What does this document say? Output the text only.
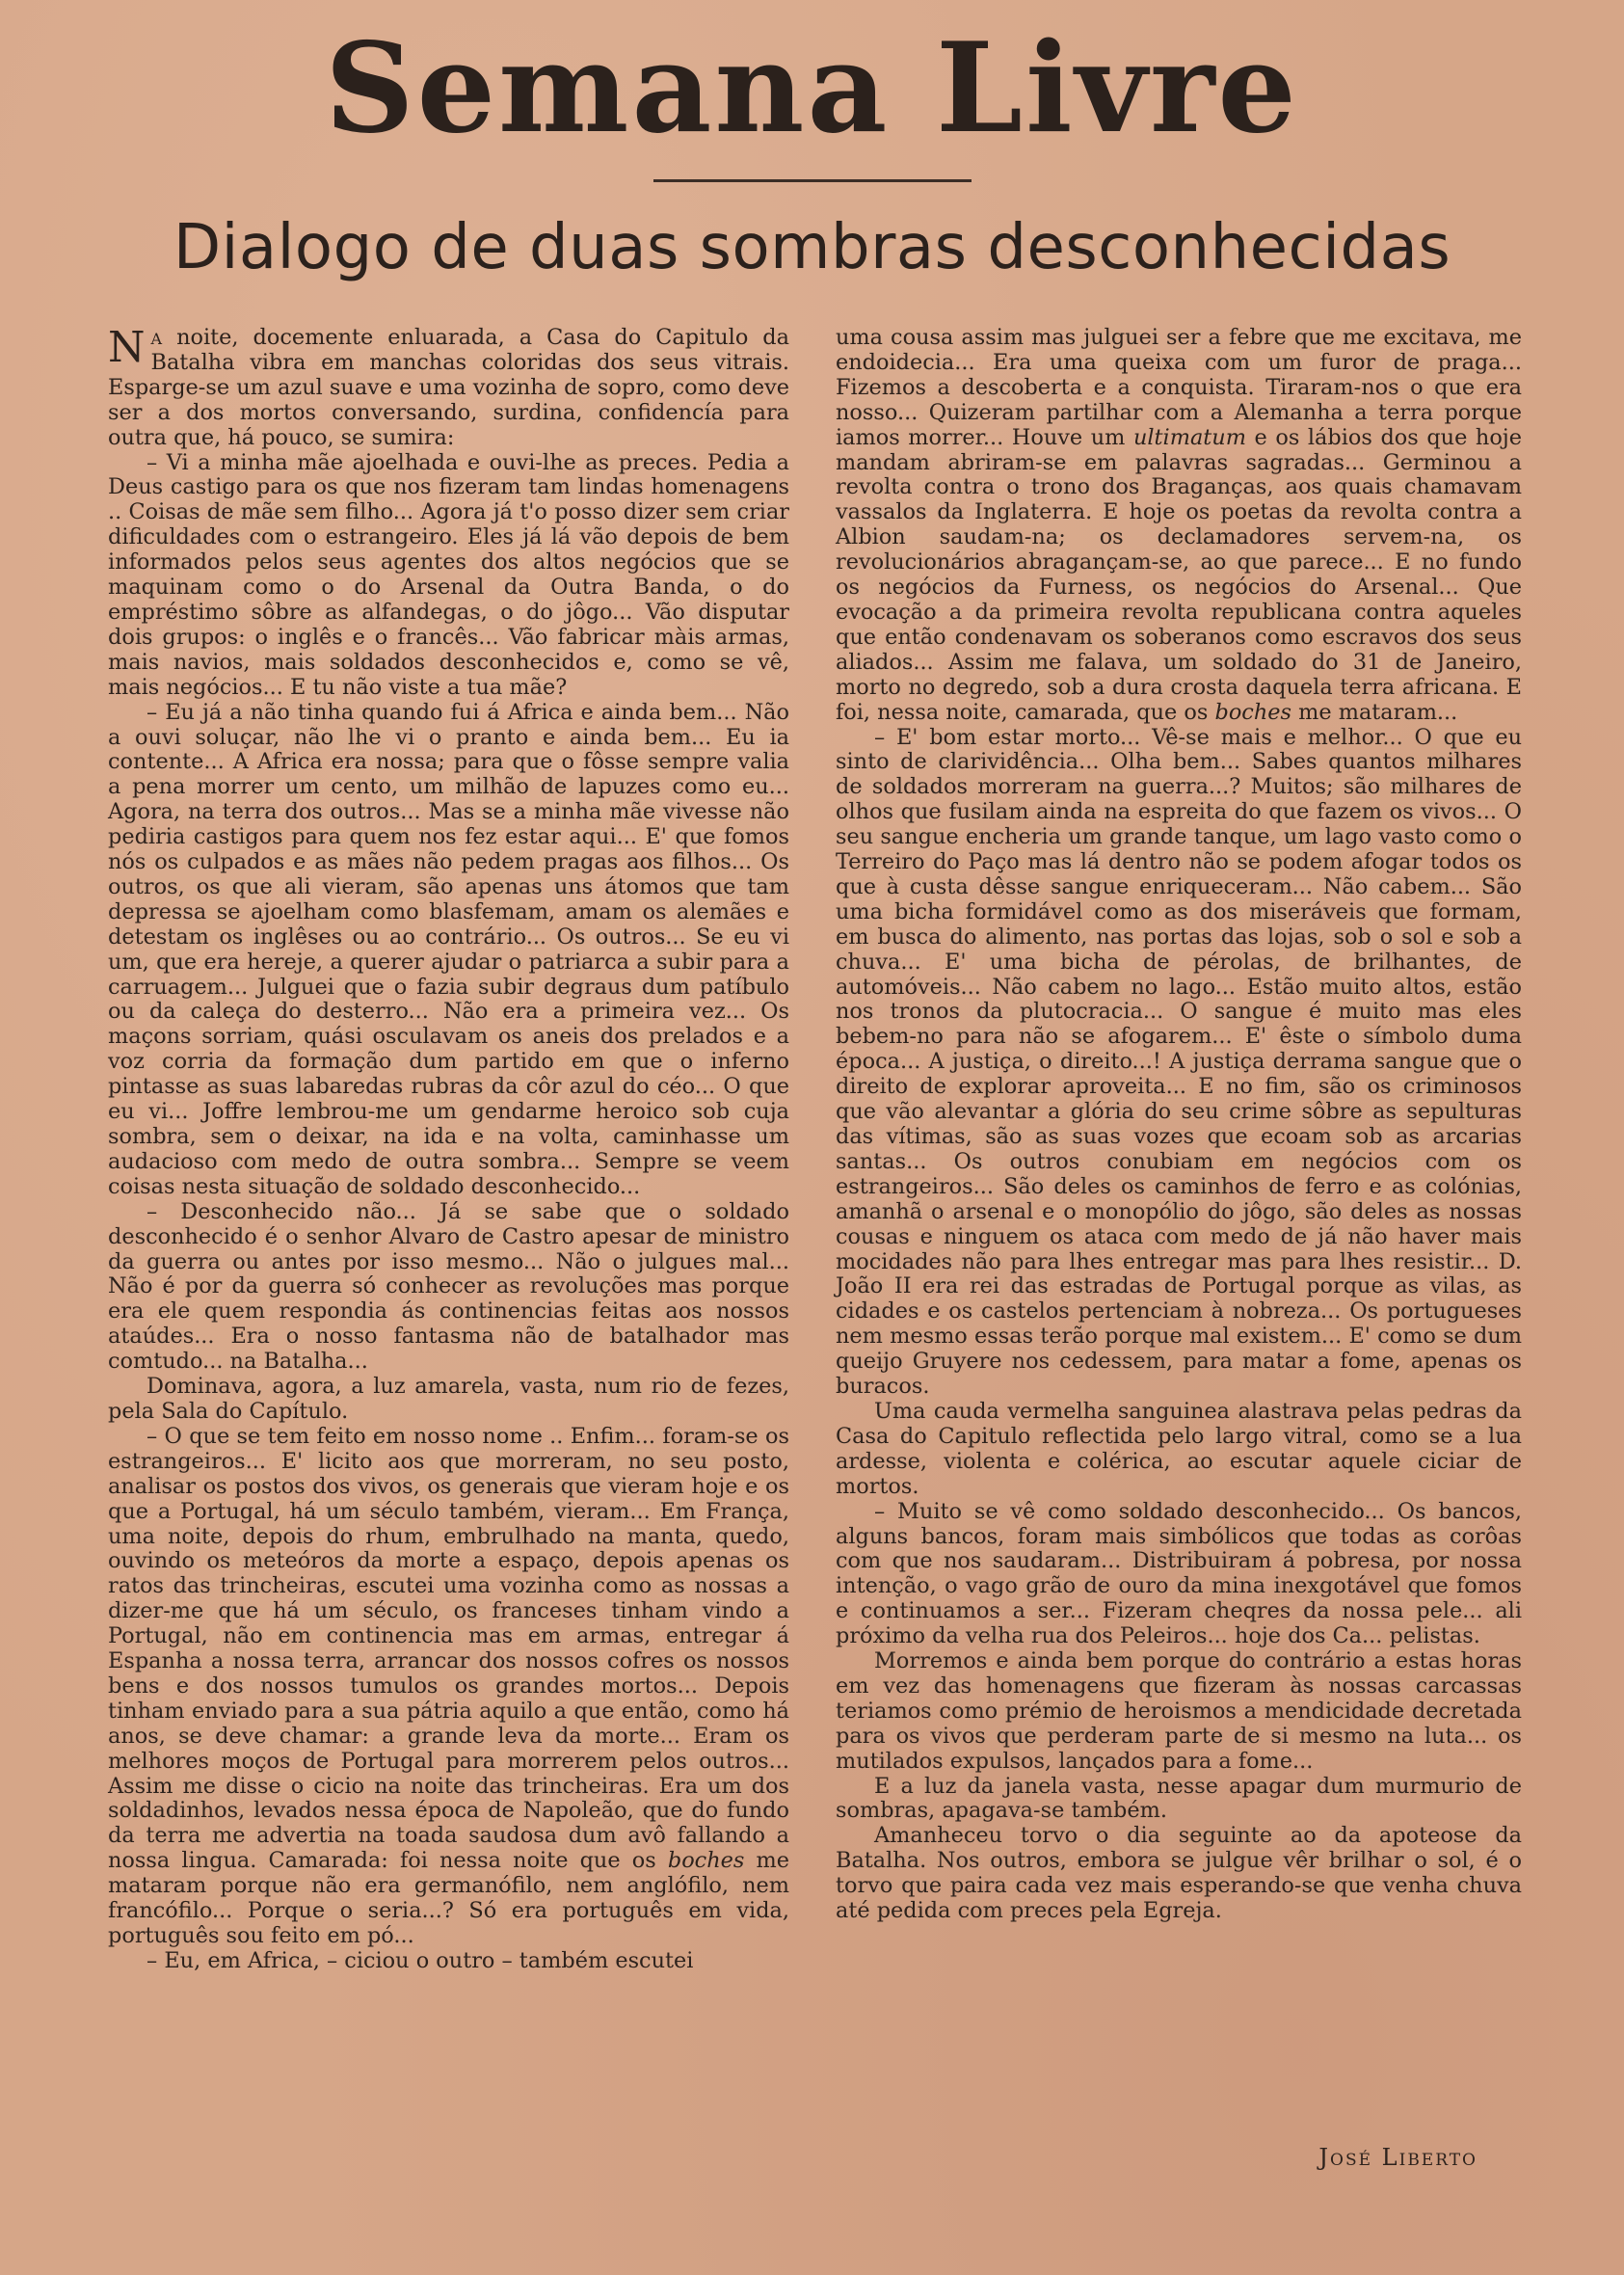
Semana Livre
Dialogo de duas sombras desconhecidas

Na noite, docemente enluarada, a Casa do Capitulo da Batalha vibra em manchas coloridas dos seus vitrais. Esparge-se um azul suave e uma vozinha de sopro, como deve ser a dos mortos conversando, surdina, confidencía para outra que, há pouco, se sumira:

– Vi a minha mãe ajoelhada e ouvi-lhe as preces. Pedia a Deus castigo para os que nos fizeram tam lindas homenagens .. Coisas de mãe sem filho... Agora já t'o posso dizer sem criar dificuldades com o estrangeiro. Eles já lá vão depois de bem informados pelos seus agentes dos altos negócios que se maquinam como o do Arsenal da Outra Banda, o do empréstimo sôbre as alfandegas, o do jôgo... Vão disputar dois grupos: o inglês e o francês... Vão fabricar màis armas, mais navios, mais soldados desconhecidos e, como se vê, mais negócios... E tu não viste a tua mãe?

– Eu já a não tinha quando fui á Africa e ainda bem... Não a ouvi soluçar, não lhe vi o pranto e ainda bem... Eu ia contente... A Africa era nossa; para que o fôsse sempre valia a pena morrer um cento, um milhão de lapuzes como eu... Agora, na terra dos outros... Mas se a minha mãe vivesse não pediria castigos para quem nos fez estar aqui... E' que fomos nós os culpados e as mães não pedem pragas aos filhos... Os outros, os que ali vieram, são apenas uns átomos que tam depressa se ajoelham como blasfemam, amam os alemães e detestam os inglêses ou ao contrário... Os outros... Se eu vi um, que era hereje, a querer ajudar o patriarca a subir para a carruagem... Julguei que o fazia subir degraus dum patíbulo ou da caleça do desterro... Não era a primeira vez... Os maçons sorriam, quási osculavam os aneis dos prelados e a voz corria da formação dum partido em que o inferno pintasse as suas labaredas rubras da côr azul do céo... O que eu vi... Joffre lembrou-me um gendarme heroico sob cuja sombra, sem o deixar, na ida e na volta, caminhasse um audacioso com medo de outra sombra... Sempre se veem coisas nesta situação de soldado desconhecido...

– Desconhecido não... Já se sabe que o soldado desconhecido é o senhor Alvaro de Castro apesar de ministro da guerra ou antes por isso mesmo... Não o julgues mal... Não é por da guerra só conhecer as revoluções mas porque era ele quem respondia ás continencias feitas aos nossos ataúdes... Era o nosso fantasma não de batalhador mas comtudo... na Batalha...

Dominava, agora, a luz amarela, vasta, num rio de fezes, pela Sala do Capítulo.

– O que se tem feito em nosso nome .. Enfim... foram-se os estrangeiros... E' licito aos que morreram, no seu posto, analisar os postos dos vivos, os generais que vieram hoje e os que a Portugal, há um século também, vieram... Em França, uma noite, depois do rhum, embrulhado na manta, quedo, ouvindo os meteóros da morte a espaço, depois apenas os ratos das trincheiras, escutei uma vozinha como as nossas a dizer-me que há um século, os franceses tinham vindo a Portugal, não em continencia mas em armas, entregar á Espanha a nossa terra, arrancar dos nossos cofres os nossos bens e dos nossos tumulos os grandes mortos... Depois tinham enviado para a sua pátria aquilo a que então, como há anos, se deve chamar: a grande leva da morte... Eram os melhores moços de Portugal para morrerem pelos outros... Assim me disse o cicio na noite das trincheiras. Era um dos soldadinhos, levados nessa época de Napoleão, que do fundo da terra me advertia na toada saudosa dum avô fallando a nossa lingua. Camarada: foi nessa noite que os boches me mataram porque não era germanófilo, nem anglófilo, nem francófilo... Porque o seria...? Só era português em vida, português sou feito em pó...

– Eu, em Africa, – ciciou o outro – também escutei

uma cousa assim mas julguei ser a febre que me excitava, me endoidecia... Era uma queixa com um furor de praga... Fizemos a descoberta e a conquista. Tiraram-nos o que era nosso... Quizeram partilhar com a Alemanha a terra porque iamos morrer... Houve um ultimatum e os lábios dos que hoje mandam abriram-se em palavras sagradas... Germinou a revolta contra o trono dos Braganças, aos quais chamavam vassalos da Inglaterra. E hoje os poetas da revolta contra a Albion saudam-na; os declamadores servem-na, os revolucionários abragançam-se, ao que parece... E no fundo os negócios da Furness, os negócios do Arsenal... Que evocação a da primeira revolta republicana contra aqueles que então condenavam os soberanos como escravos dos seus aliados... Assim me falava, um soldado do 31 de Janeiro, morto no degredo, sob a dura crosta daquela terra africana. E foi, nessa noite, camarada, que os boches me mataram...

– E' bom estar morto... Vê-se mais e melhor... O que eu sinto de clarividência... Olha bem... Sabes quantos milhares de soldados morreram na guerra...? Muitos; são milhares de olhos que fusilam ainda na espreita do que fazem os vivos... O seu sangue encheria um grande tanque, um lago vasto como o Terreiro do Paço mas lá dentro não se podem afogar todos os que à custa dêsse sangue enriqueceram... Não cabem... São uma bicha formidável como as dos miseráveis que formam, em busca do alimento, nas portas das lojas, sob o sol e sob a chuva... E' uma bicha de pérolas, de brilhantes, de automóveis... Não cabem no lago... Estão muito altos, estão nos tronos da plutocracia... O sangue é muito mas eles bebem-no para não se afogarem... E' êste o símbolo duma época... A justiça, o direito...! A justiça derrama sangue que o direito de explorar aproveita... E no fim, são os criminosos que vão alevantar a glória do seu crime sôbre as sepulturas das vítimas, são as suas vozes que ecoam sob as arcarias santas... Os outros conubiam em negócios com os estrangeiros... São deles os caminhos de ferro e as colónias, amanhã o arsenal e o monopólio do jôgo, são deles as nossas cousas e ninguem os ataca com medo de já não haver mais mocidades não para lhes entregar mas para lhes resistir... D. João II era rei das estradas de Portugal porque as vilas, as cidades e os castelos pertenciam à nobreza... Os portugueses nem mesmo essas terão porque mal existem... E' como se dum queijo Gruyere nos cedessem, para matar a fome, apenas os buracos.

Uma cauda vermelha sanguinea alastrava pelas pedras da Casa do Capitulo reflectida pelo largo vitral, como se a lua ardesse, violenta e colérica, ao escutar aquele ciciar de mortos.

– Muito se vê como soldado desconhecido... Os bancos, alguns bancos, foram mais simbólicos que todas as corôas com que nos saudaram... Distribuiram á pobresa, por nossa intenção, o vago grão de ouro da mina inexgotável que fomos e continuamos a ser... Fizeram cheqres da nossa pele... ali próximo da velha rua dos Peleiros... hoje dos Ca... pelistas.

Morremos e ainda bem porque do contrário a estas horas em vez das homenagens que fizeram às nossas carcassas teriamos como prémio de heroismos a mendicidade decretada para os vivos que perderam parte de si mesmo na luta... os mutilados expulsos, lançados para a fome...

E a luz da janela vasta, nesse apagar dum murmurio de sombras, apagava-se também.

Amanheceu torvo o dia seguinte ao da apoteose da Batalha. Nos outros, embora se julgue vêr brilhar o sol, é o torvo que paira cada vez mais esperando-se que venha chuva até pedida com preces pela Egreja.

José Liberto
